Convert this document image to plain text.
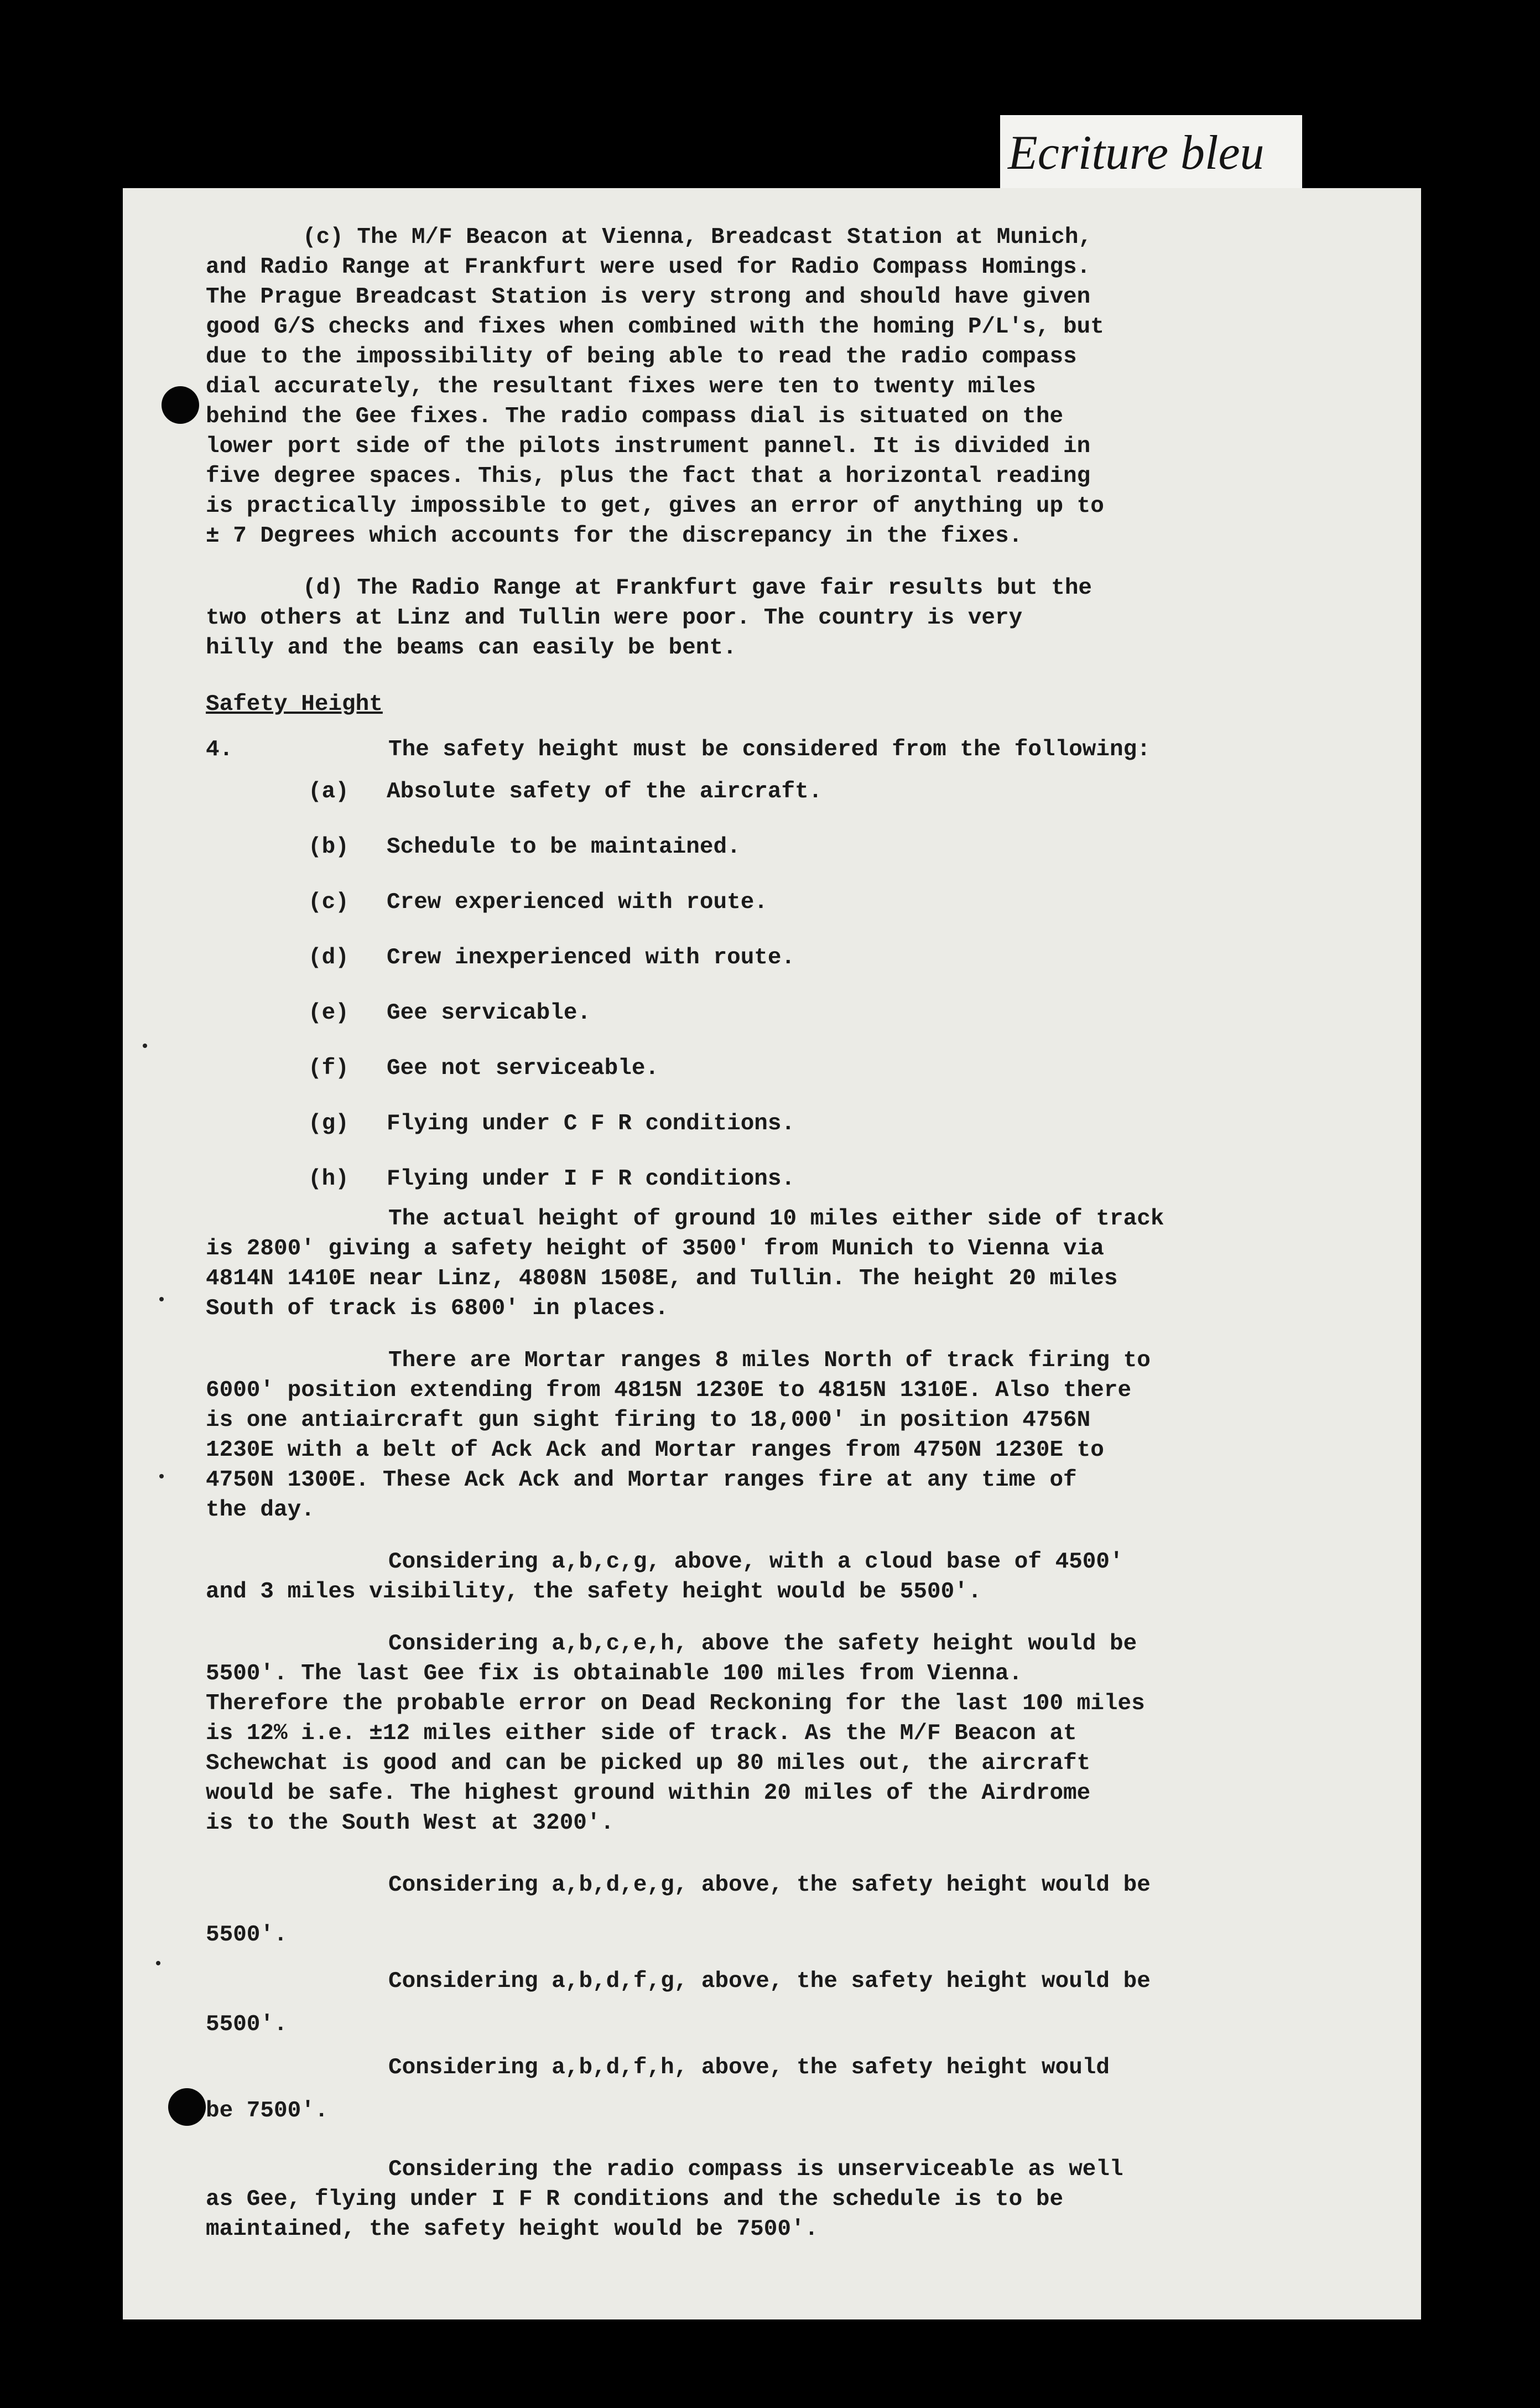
Ecriture bleu

(c) The M/F Beacon at Vienna, Breadcast Station at Munich,
and Radio Range at Frankfurt were used for Radio Compass Homings.
The Prague Breadcast Station is very strong and should have given
good G/S checks and fixes when combined with the homing P/L's, but
due to the impossibility of being able to read the radio compass
dial accurately, the resultant fixes were ten to twenty miles
behind the Gee fixes. The radio compass dial is situated on the
lower port side of the pilots instrument pannel. It is divided in
five degree spaces. This, plus the fact that a horizontal reading
is practically impossible to get, gives an error of anything up to
± 7 Degrees which accounts for the discrepancy in the fixes.

(d) The Radio Range at Frankfurt gave fair results but the
two others at Linz and Tullin were poor. The country is very
hilly and the beams can easily be bent.

Safety Height

4.	The safety height must be considered from the following:

(a) Absolute safety of the aircraft.
(b) Schedule to be maintained.
(c) Crew experienced with route.
(d) Crew inexperienced with route.
(e) Gee servicable.
(f) Gee not serviceable.
(g) Flying under C F R conditions.
(h) Flying under I F R conditions.

The actual height of ground 10 miles either side of track
is 2800' giving a safety height of 3500' from Munich to Vienna via
4814N 1410E near Linz, 4808N 1508E, and Tullin. The height 20 miles
South of track is 6800' in places.

There are Mortar ranges 8 miles North of track firing to
6000' position extending from 4815N 1230E to 4815N 1310E. Also there
is one antiaircraft gun sight firing to 18,000' in position 4756N
1230E with a belt of Ack Ack and Mortar ranges from 4750N 1230E to
4750N 1300E. These Ack Ack and Mortar ranges fire at any time of
the day.

Considering a,b,c,g, above, with a cloud base of 4500'
and 3 miles visibility, the safety height would be 5500'.

Considering a,b,c,e,h, above the safety height would be
5500'. The last Gee fix is obtainable 100 miles from Vienna.
Therefore the probable error on Dead Reckoning for the last 100 miles
is 12% i.e. ±12 miles either side of track. As the M/F Beacon at
Schewchat is good and can be picked up 80 miles out, the aircraft
would be safe. The highest ground within 20 miles of the Airdrome
is to the South West at 3200'.

Considering a,b,d,e,g, above, the safety height would be
5500'.

Considering a,b,d,f,g, above, the safety height would be
5500'.

Considering a,b,d,f,h, above, the safety height would
be 7500'.

Considering the radio compass is unserviceable as well
as Gee, flying under I F R conditions and the schedule is to be
maintained, the safety height would be 7500'.
